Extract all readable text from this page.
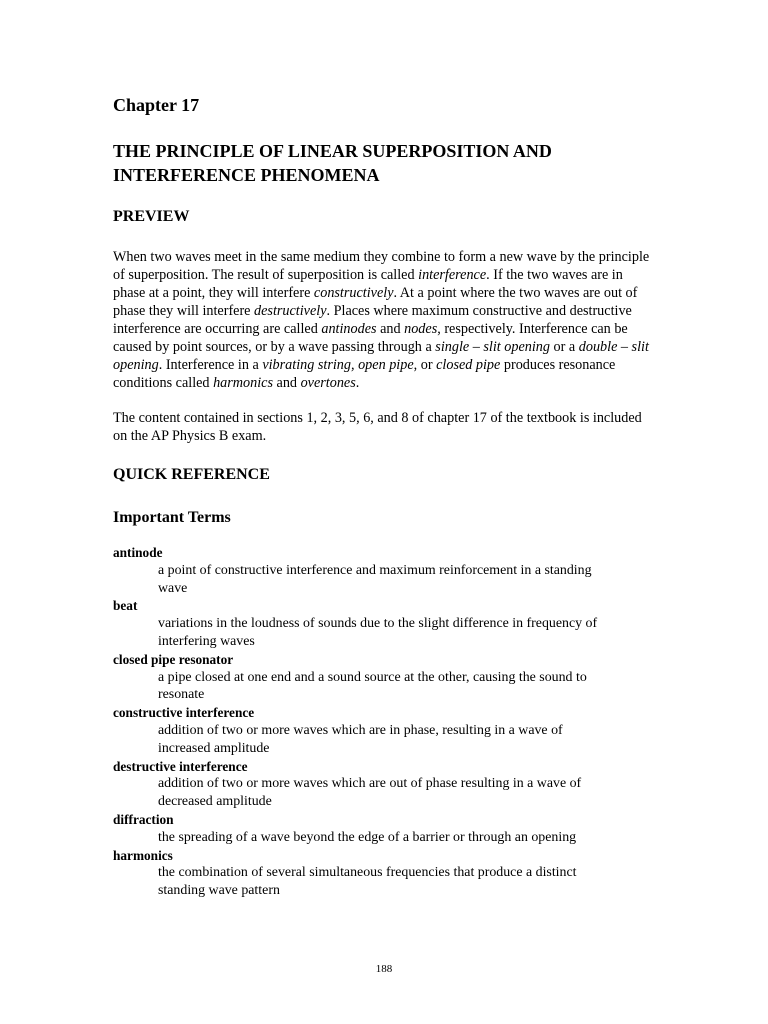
Chapter 17

THE PRINCIPLE OF LINEAR SUPERPOSITION AND
INTERFERENCE PHENOMENA

PREVIEW

When two waves meet in the same medium they combine to form a new wave by the principle of superposition. The result of superposition is called interference. If the two waves are in phase at a point, they will interfere constructively. At a point where the two waves are out of phase they will interfere destructively. Places where maximum constructive and destructive interference are occurring are called antinodes and nodes, respectively. Interference can be caused by point sources, or by a wave passing through a single – slit opening or a double – slit opening. Interference in a vibrating string, open pipe, or closed pipe produces resonance conditions called harmonics and overtones.

The content contained in sections 1, 2, 3, 5, 6, and 8 of chapter 17 of the textbook is included on the AP Physics B exam.

QUICK REFERENCE

Important Terms

antinode

a point of constructive interference and maximum reinforcement in a standing
wave

beat

variations in the loudness of sounds due to the slight difference in frequency of
interfering waves

closed pipe resonator

a pipe closed at one end and a sound source at the other, causing the sound to
resonate

constructive interference

addition of two or more waves which are in phase, resulting in a wave of
increased amplitude

destructive interference

addition of two or more waves which are out of phase resulting in a wave of
decreased amplitude

diffraction

the spreading of a wave beyond the edge of a barrier or through an opening

harmonics

the combination of several simultaneous frequencies that produce a distinct
standing wave pattern

188
